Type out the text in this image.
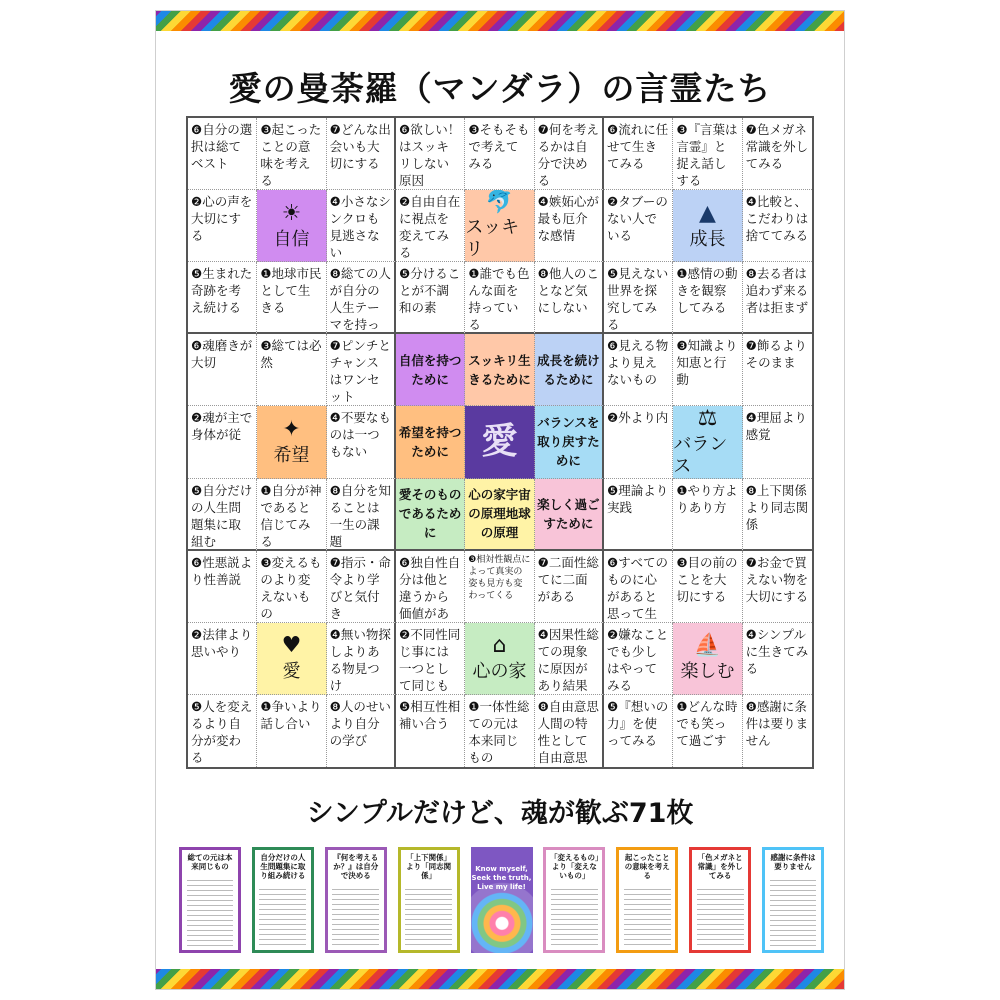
愛の曼荼羅（マンダラ）の言霊たち
❻自分の選択は総てベスト
❸起こったことの意味を考える
❼どんな出会いも大切にする
❻欲しい！はスッキリしない原因
❸そもそもで考えてみる
❼何を考えるかは自分で決める
❻流れに任せて生きてみる
❸『言葉は言霊』と捉え話しする
❼色メガネ常識を外してみる
❷心の声を大切にする
☀
自信
❹小さなシンクロも見逃さない
❷自由自在に視点を変えてみる
🐬
スッキリ
❹嫉妬心が最も厄介な感情
❷タブーのない人でいる
▲
成長
❹比較と、こだわりは捨ててみる
❺生まれた奇跡を考え続ける
❶地球市民として生きる
❽総ての人が自分の人生テーマを持っ
❺分けることが不調和の素
❶誰でも色んな面を持っている
❽他人のことなど気にしない
❺見えない世界を探究してみる
❶感情の動きを観察してみる
❽去る者は追わず来る者は拒まず
❻魂磨きが大切
❸総ては必然
❼ピンチとチャンスはワンセット
自信を持つために
スッキリ生きるために
成長を続けるために
❻見える物より見えないもの
❸知識より知恵と行動
❼飾るよりそのまま
❷魂が主で身体が従	✦
希望
❹不要なものは一つもない
希望を持つために 愛 バランスを取り戻すために
❷外より内 ⚖
バランス
❹理屈より感覚
❺自分だけの人生問題集に取組む
❶自分が神であると信じてみる
❽自分を知ることは一生の課題
愛そのものであるために
心の家宇宙の原理地球の原理
楽しく過ごすために
❺理論より実践
❶やり方よりあり方
❽上下関係より同志関係
❻性悪説より性善説
❸変えるものより変えないもの
❼指示・命令より学びと気付き
❻独自性自分は他と違うから価値があ
❸相対性観点によって真実の姿も見方も変わってくる
❼二面性総てに二面がある
❻すべてのものに心があると思って生
❸目の前のことを大切にする
❼お金で買えない物を大切にする
❷法律より思いやり	♥
愛
❹無い物探しよりある物見つけ
❷不同性同じ事には一つとして同じも
⌂
心の家
❹因果性総ての現象に原因があり結果
❷嫌なことでも少しはやってみる
⛵
楽しむ
❹シンプルに生きてみる
❺人を変えるより自分が変わる
❶争いより話し合い
❽人のせいより自分の学び
❺相互性相補い合う
❶一体性総ての元は本来同じもの
❽自由意思人間の特性として自由意思
❺『想いの力』を使ってみる
❶どんな時でも笑って過ごす
❽感謝に条件は要りません
シンプルだけど、魂が歓ぶ71枚
総ての元は本来同じもの
自分だけの人生問題集に取り組み続ける
『何を考えるか？』は自分で決める
「上下関係」より「同志関係」
Know myself, Seek the truth, Live my life!
「変えるもの」より「変えないもの」
起こったことの意味を考える
「色メガネと常識」を外してみる
感謝に条件は要りません
